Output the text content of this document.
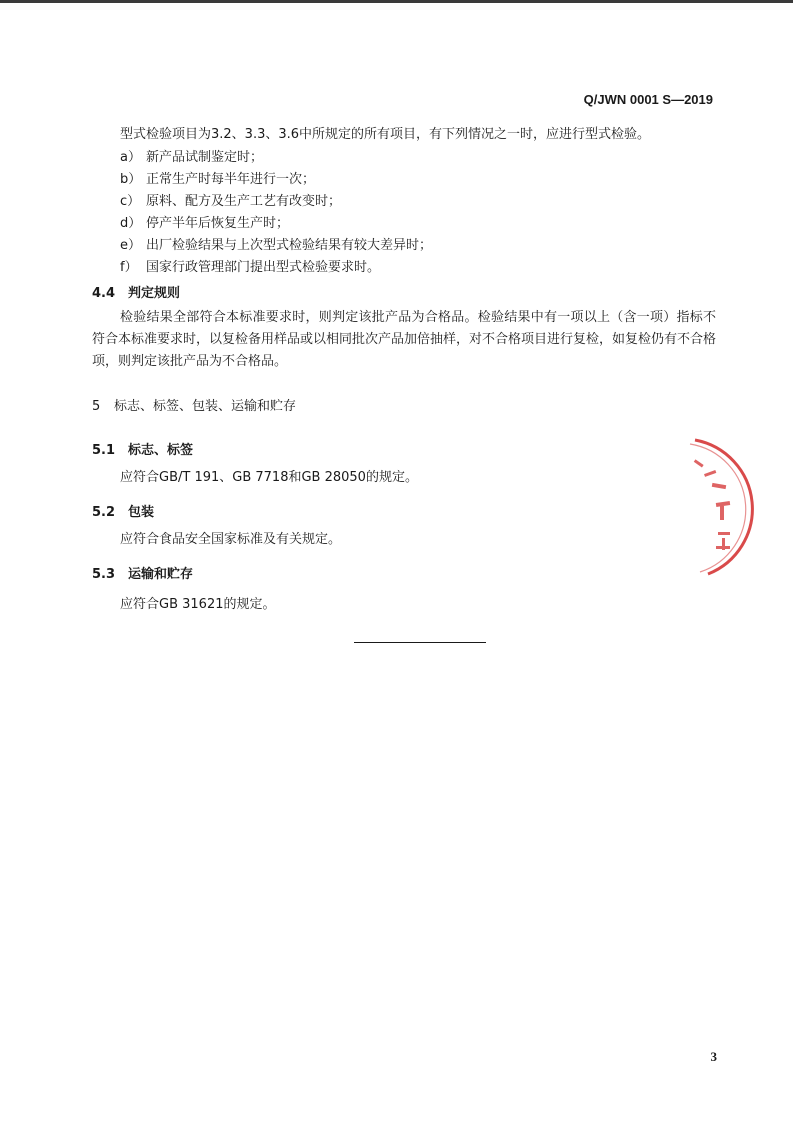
Q/JWN 0001 S—2019
型式检验项目为3.2、3.3、3.6中所规定的所有项目，有下列情况之一时，应进行型式检验。
a） 新产品试制鉴定时；
b） 正常生产时每半年进行一次；
c） 原料、配方及生产工艺有改变时；
d） 停产半年后恢复生产时；
e） 出厂检验结果与上次型式检验结果有较大差异时；
f） 国家行政管理部门提出型式检验要求时。
4.4 判定规则

检验结果全部符合本标准要求时，则判定该批产品为合格品。检验结果中有一项以上（含一项）指标不符合本标准要求时，以复检备用样品或以相同批次产品加倍抽样，对不合格项目进行复检，如复检仍有不合格项，则判定该批产品为不合格品。

5 标志、标签、包装、运输和贮存
5.1 标志、标签
应符合GB/T 191、GB 7718和GB 28050的规定。
5.2 包装
应符合食品安全国家标准及有关规定。
5.3 运输和贮存
应符合GB 31621的规定。
3
